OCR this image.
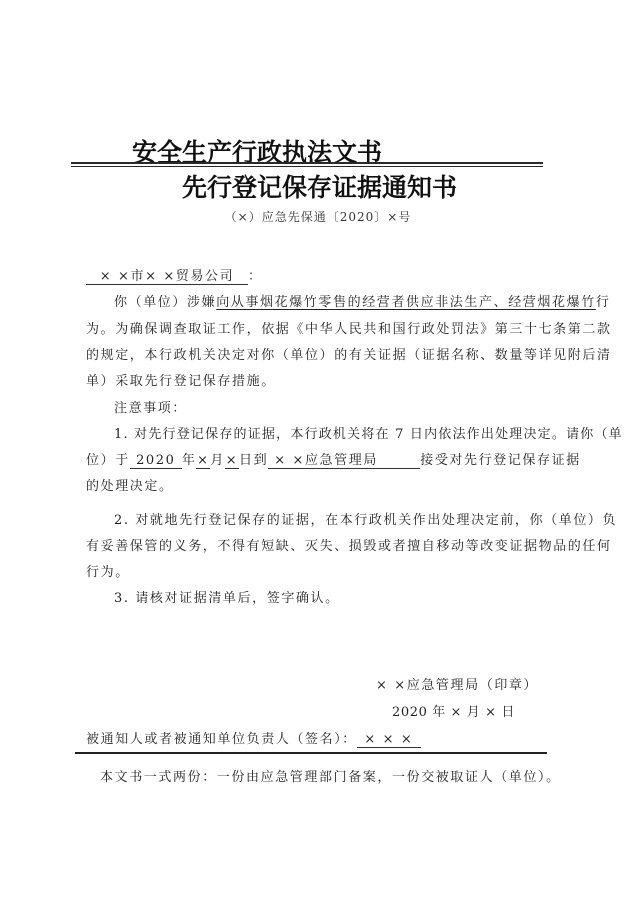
安全生产行政执法文书
先行登记保存证据通知书
（×）应急先保通〔2020〕×号
× ×市× ×贸易公司 ：
你（单位）涉嫌向从事烟花爆竹零售的经营者供应非法生产、经营烟花爆竹行
为。为确保调查取证工作，依据《中华人民共和国行政处罚法》第三十七条第二款
的规定，本行政机关决定对你（单位）的有关证据（证据名称、数量等详见附后清
单）采取先行登记保存措施。
注意事项：
1. 对先行登记保存的证据，本行政机关将在 7 日内依法作出处理决定。请你（单
位）于 2020 年×月×日到 × ×应急管理局	接受对先行登记保存证据
的处理决定。
2. 对就地先行登记保存的证据，在本行政机关作出处理决定前，你（单位）负
有妥善保管的义务，不得有短缺、灭失、损毁或者擅自移动等改变证据物品的任何
行为。
3. 请核对证据清单后，签字确认。
× ×应急管理局（印章）
2020 年 × 月 × 日
被通知人或者被通知单位负责人（签名）： × × ×
本文书一式两份：一份由应急管理部门备案，一份交被取证人（单位）。
